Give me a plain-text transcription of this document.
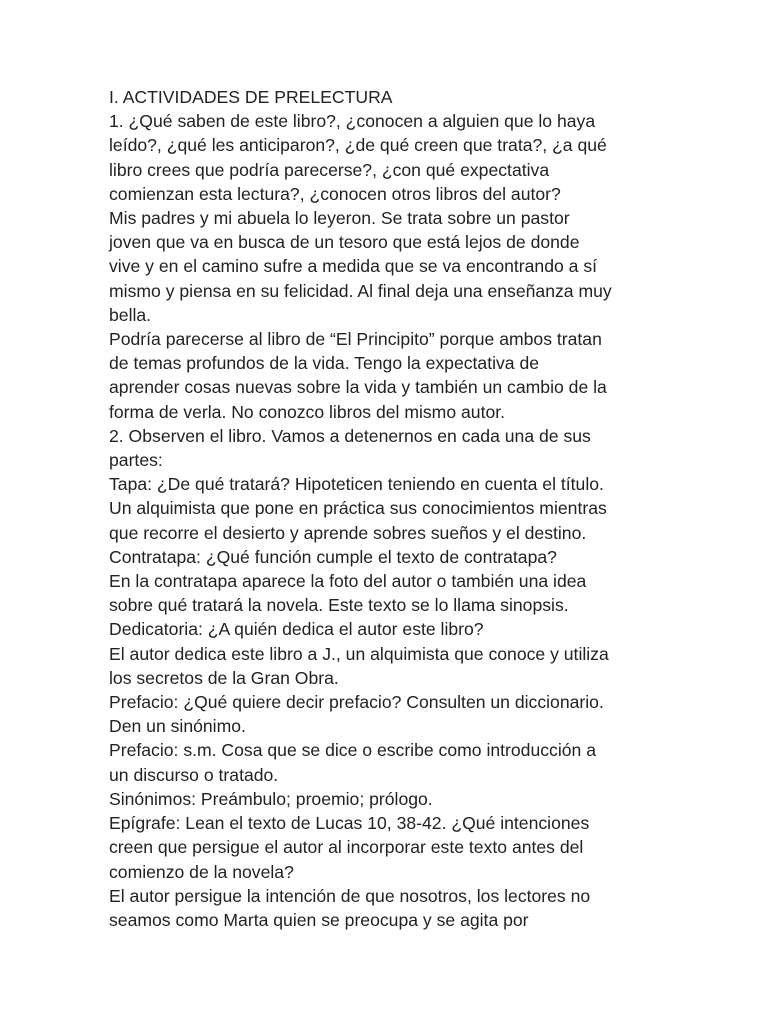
I. ACTIVIDADES DE PRELECTURA
1. ¿Qué saben de este libro?, ¿conocen a alguien que lo haya
leído?, ¿qué les anticiparon?, ¿de qué creen que trata?, ¿a qué
libro crees que podría parecerse?, ¿con qué expectativa
comienzan esta lectura?, ¿conocen otros libros del autor?
Mis padres y mi abuela lo leyeron. Se trata sobre un pastor
joven que va en busca de un tesoro que está lejos de donde
vive y en el camino sufre a medida que se va encontrando a sí
mismo y piensa en su felicidad. Al final deja una enseñanza muy
bella.
Podría parecerse al libro de “El Principito” porque ambos tratan
de temas profundos de la vida. Tengo la expectativa de
aprender cosas nuevas sobre la vida y también un cambio de la
forma de verla. No conozco libros del mismo autor.
2. Observen el libro. Vamos a detenernos en cada una de sus
partes:
Tapa: ¿De qué tratará? Hipoteticen teniendo en cuenta el título.
Un alquimista que pone en práctica sus conocimientos mientras
que recorre el desierto y aprende sobres sueños y el destino.
Contratapa: ¿Qué función cumple el texto de contratapa?
En la contratapa aparece la foto del autor o también una idea
sobre qué tratará la novela. Este texto se lo llama sinopsis.
Dedicatoria: ¿A quién dedica el autor este libro?
El autor dedica este libro a J., un alquimista que conoce y utiliza
los secretos de la Gran Obra.
Prefacio: ¿Qué quiere decir prefacio? Consulten un diccionario.
Den un sinónimo.
Prefacio: s.m. Cosa que se dice o escribe como introducción a
un discurso o tratado.
Sinónimos: Preámbulo; proemio; prólogo.
Epígrafe: Lean el texto de Lucas 10, 38-42. ¿Qué intenciones
creen que persigue el autor al incorporar este texto antes del
comienzo de la novela?
El autor persigue la intención de que nosotros, los lectores no
seamos como Marta quien se preocupa y se agita por
